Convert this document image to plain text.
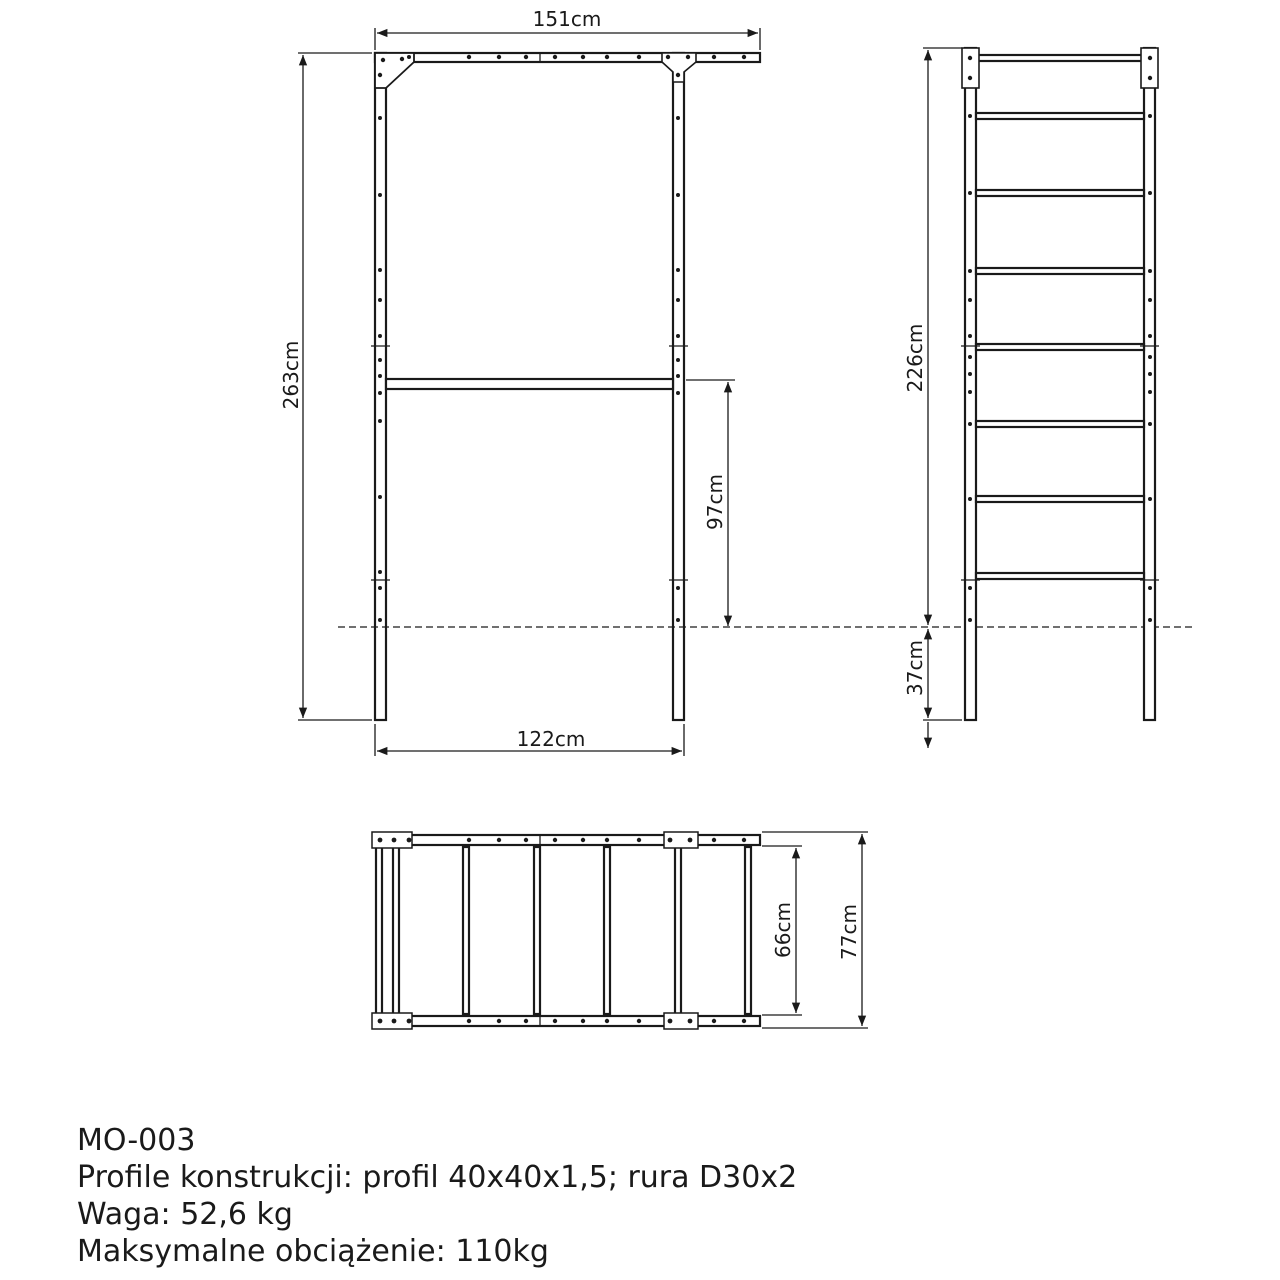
151cm
263cm
97cm
122cm
226cm
37cm
66cm 77cm
MO-003
Profile konstrukcji: profil 40x40x1,5; rura D30x2
Waga: 52,6 kg
Maksymalne obciążenie: 110kg
